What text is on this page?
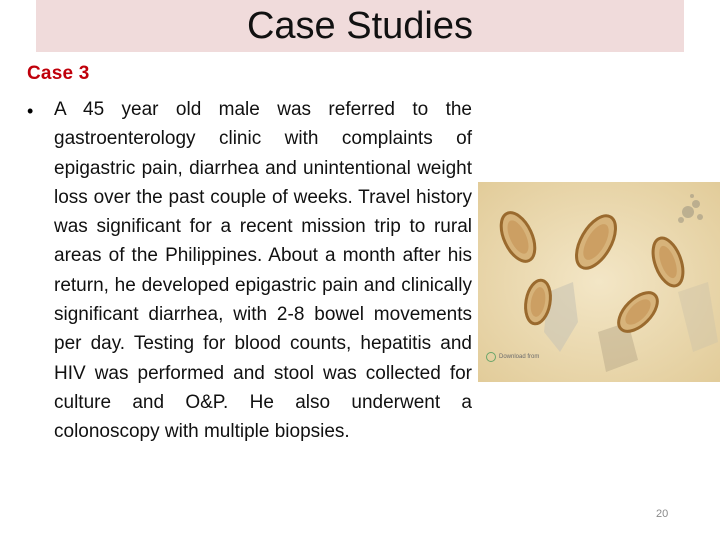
Case Studies
Case 3
• A 45 year old male was referred to the gastroenterology clinic with complaints of epigastric pain, diarrhea and unintentional weight loss over the past couple of weeks. Travel history was significant for a recent mission trip to rural areas of the Philippines. About a month after his return, he developed epigastric pain and clinically significant diarrhea, with 2-8 bowel movements per day. Testing for blood counts, hepatitis and HIV was performed and stool was collected for culture and O&P. He also underwent a colonoscopy with multiple biopsies.
Download from
20
